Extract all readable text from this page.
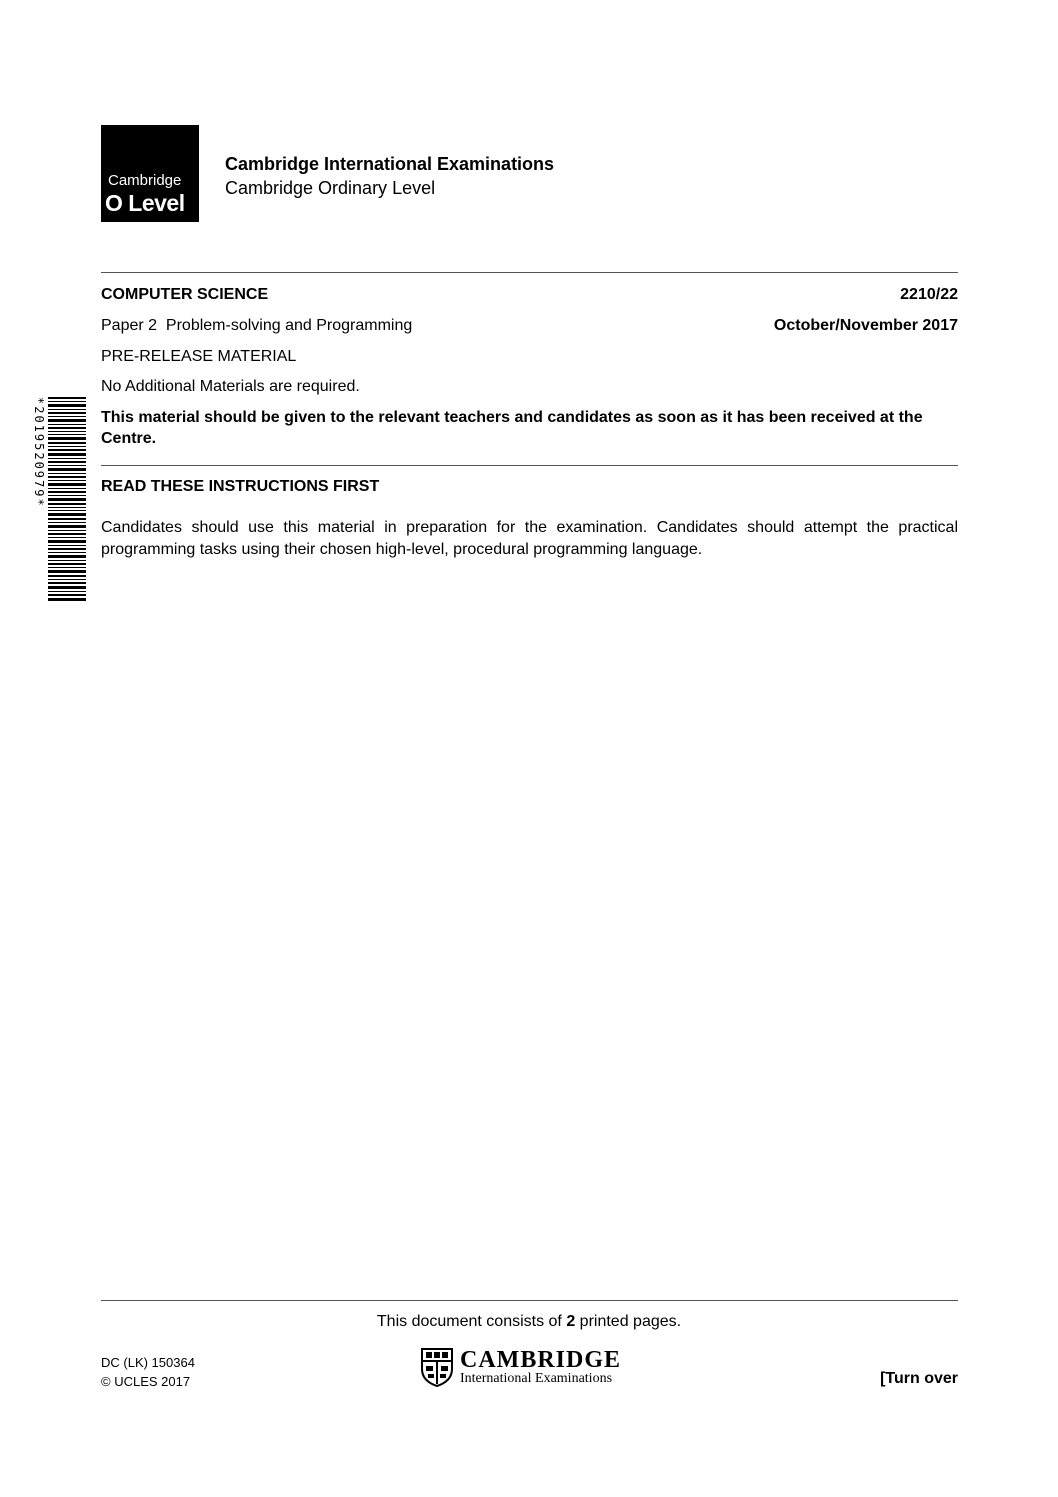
Cambridge
O Level
Cambridge International Examinations
Cambridge Ordinary Level
COMPUTER SCIENCE	2210/22
Paper 2  Problem-solving and Programming	October/November 2017
PRE-RELEASE MATERIAL
No Additional Materials are required.
This material should be given to the relevant teachers and candidates as soon as it has been received at the Centre.
READ THESE INSTRUCTIONS FIRST
Candidates should use this material in preparation for the examination. Candidates should attempt the practical programming tasks using their chosen high-level, procedural programming language.
*2019520979*
This document consists of 2 printed pages.
DC (LK) 150364
© UCLES 2017
CAMBRIDGE
International Examinations	[Turn over
